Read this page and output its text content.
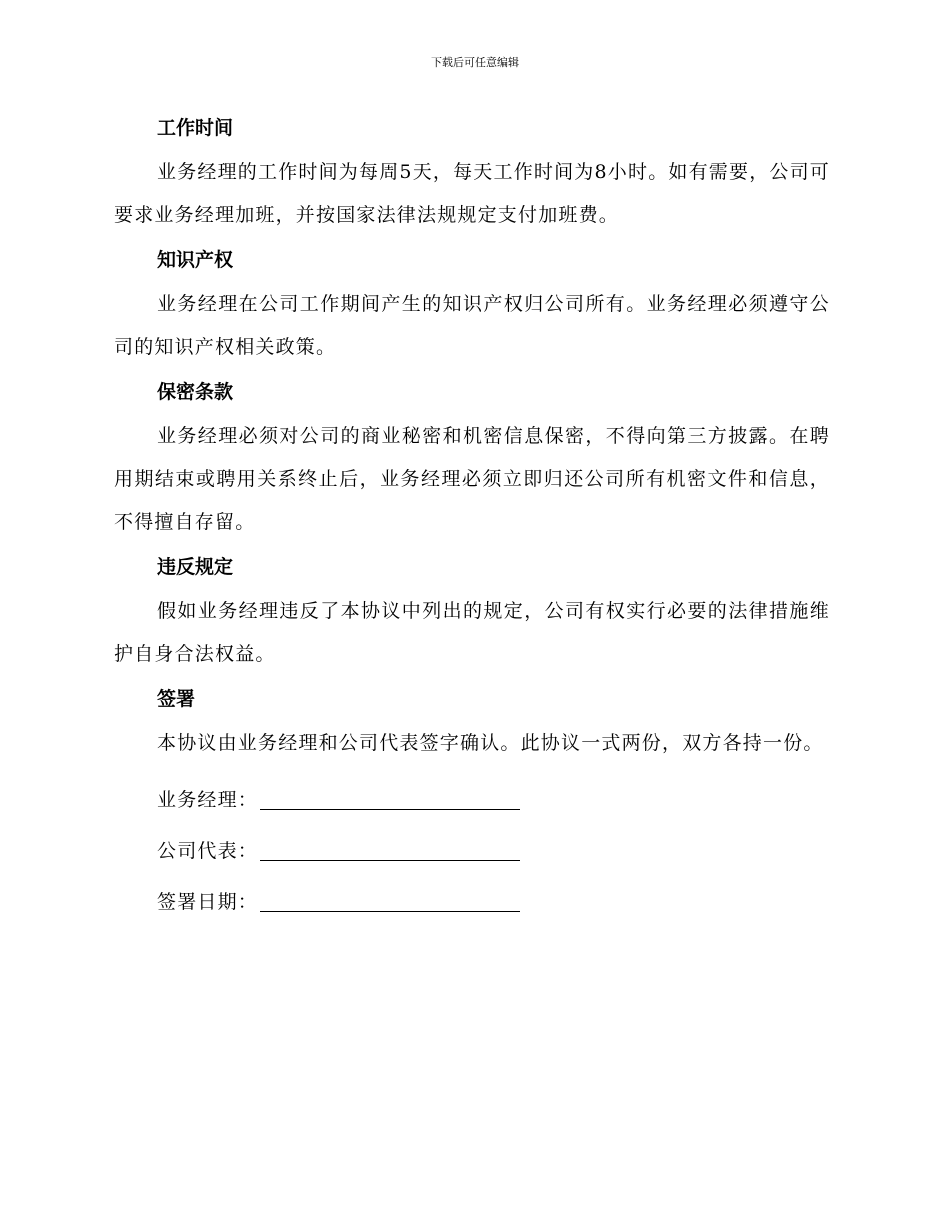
下载后可任意编辑
工作时间

业务经理的工作时间为每周5天，每天工作时间为8小时。如有需要，公司可要求业务经理加班，并按国家法律法规规定支付加班费。

知识产权

业务经理在公司工作期间产生的知识产权归公司所有。业务经理必须遵守公司的知识产权相关政策。

保密条款

业务经理必须对公司的商业秘密和机密信息保密，不得向第三方披露。在聘用期结束或聘用关系终止后，业务经理必须立即归还公司所有机密文件和信息，不得擅自存留。

违反规定

假如业务经理违反了本协议中列出的规定，公司有权实行必要的法律措施维护自身合法权益。

签署

本协议由业务经理和公司代表签字确认。此协议一式两份，双方各持一份。

业务经理：
公司代表：
签署日期：
